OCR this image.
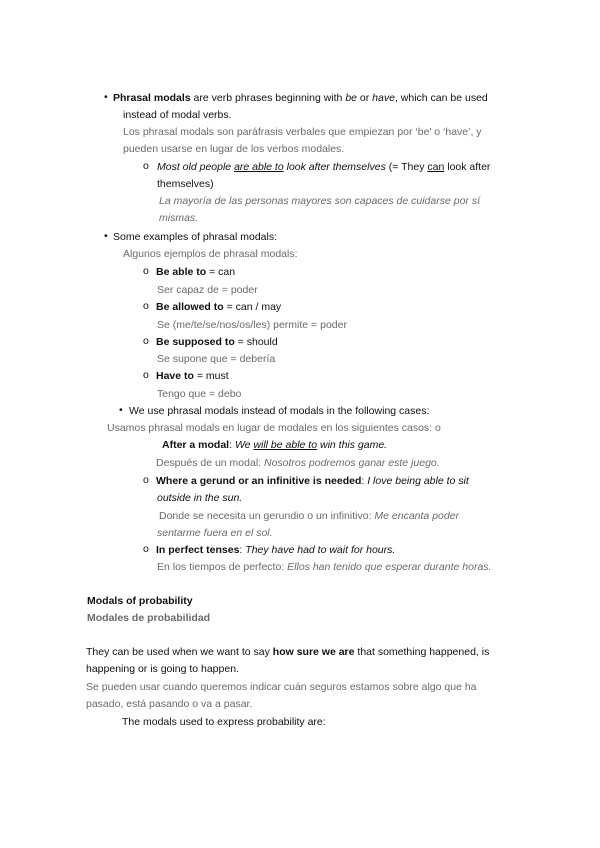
• Phrasal modals are verb phrases beginning with be or have, which can be used
instead of modal verbs.
Los phrasal modals son paráfrasis verbales que empiezan por ‘be’ o ‘have’, y
pueden usarse en lugar de los verbos modales.
o Most old people are able to look after themselves (= They can look after
themselves)
La mayoría de las personas mayores son capaces de cuidarse por sí
mismas.
• Some examples of phrasal modals:
Algunos ejemplos de phrasal modals:
o Be able to = can
Ser capaz de = poder
o Be allowed to = can / may
Se (me/te/se/nos/os/les) permite = poder
o Be supposed to = should
Se supone que = debería
o Have to = must
Tengo que = debo
• We use phrasal modals instead of modals in the following cases:
Usamos phrasal modals en lugar de modales en los siguientes casos: o
After a modal: We will be able to win this game.
Después de un modal: Nosotros podremos ganar este juego.
o Where a gerund or an infinitive is needed: I love being able to sit
outside in the sun.
Donde se necesita un gerundio o un infinitivo: Me encanta poder
sentarme fuera en el sol.
o In perfect tenses: They have had to wait for hours.
En los tiempos de perfecto: Ellos han tenido que esperar durante horas.
Modals of probability
Modales de probabilidad
They can be used when we want to say how sure we are that something happened, is
happening or is going to happen.
Se pueden usar cuando queremos indicar cuán seguros estamos sobre algo que ha
pasado, está pasando o va a pasar.
The modals used to express probability are:
